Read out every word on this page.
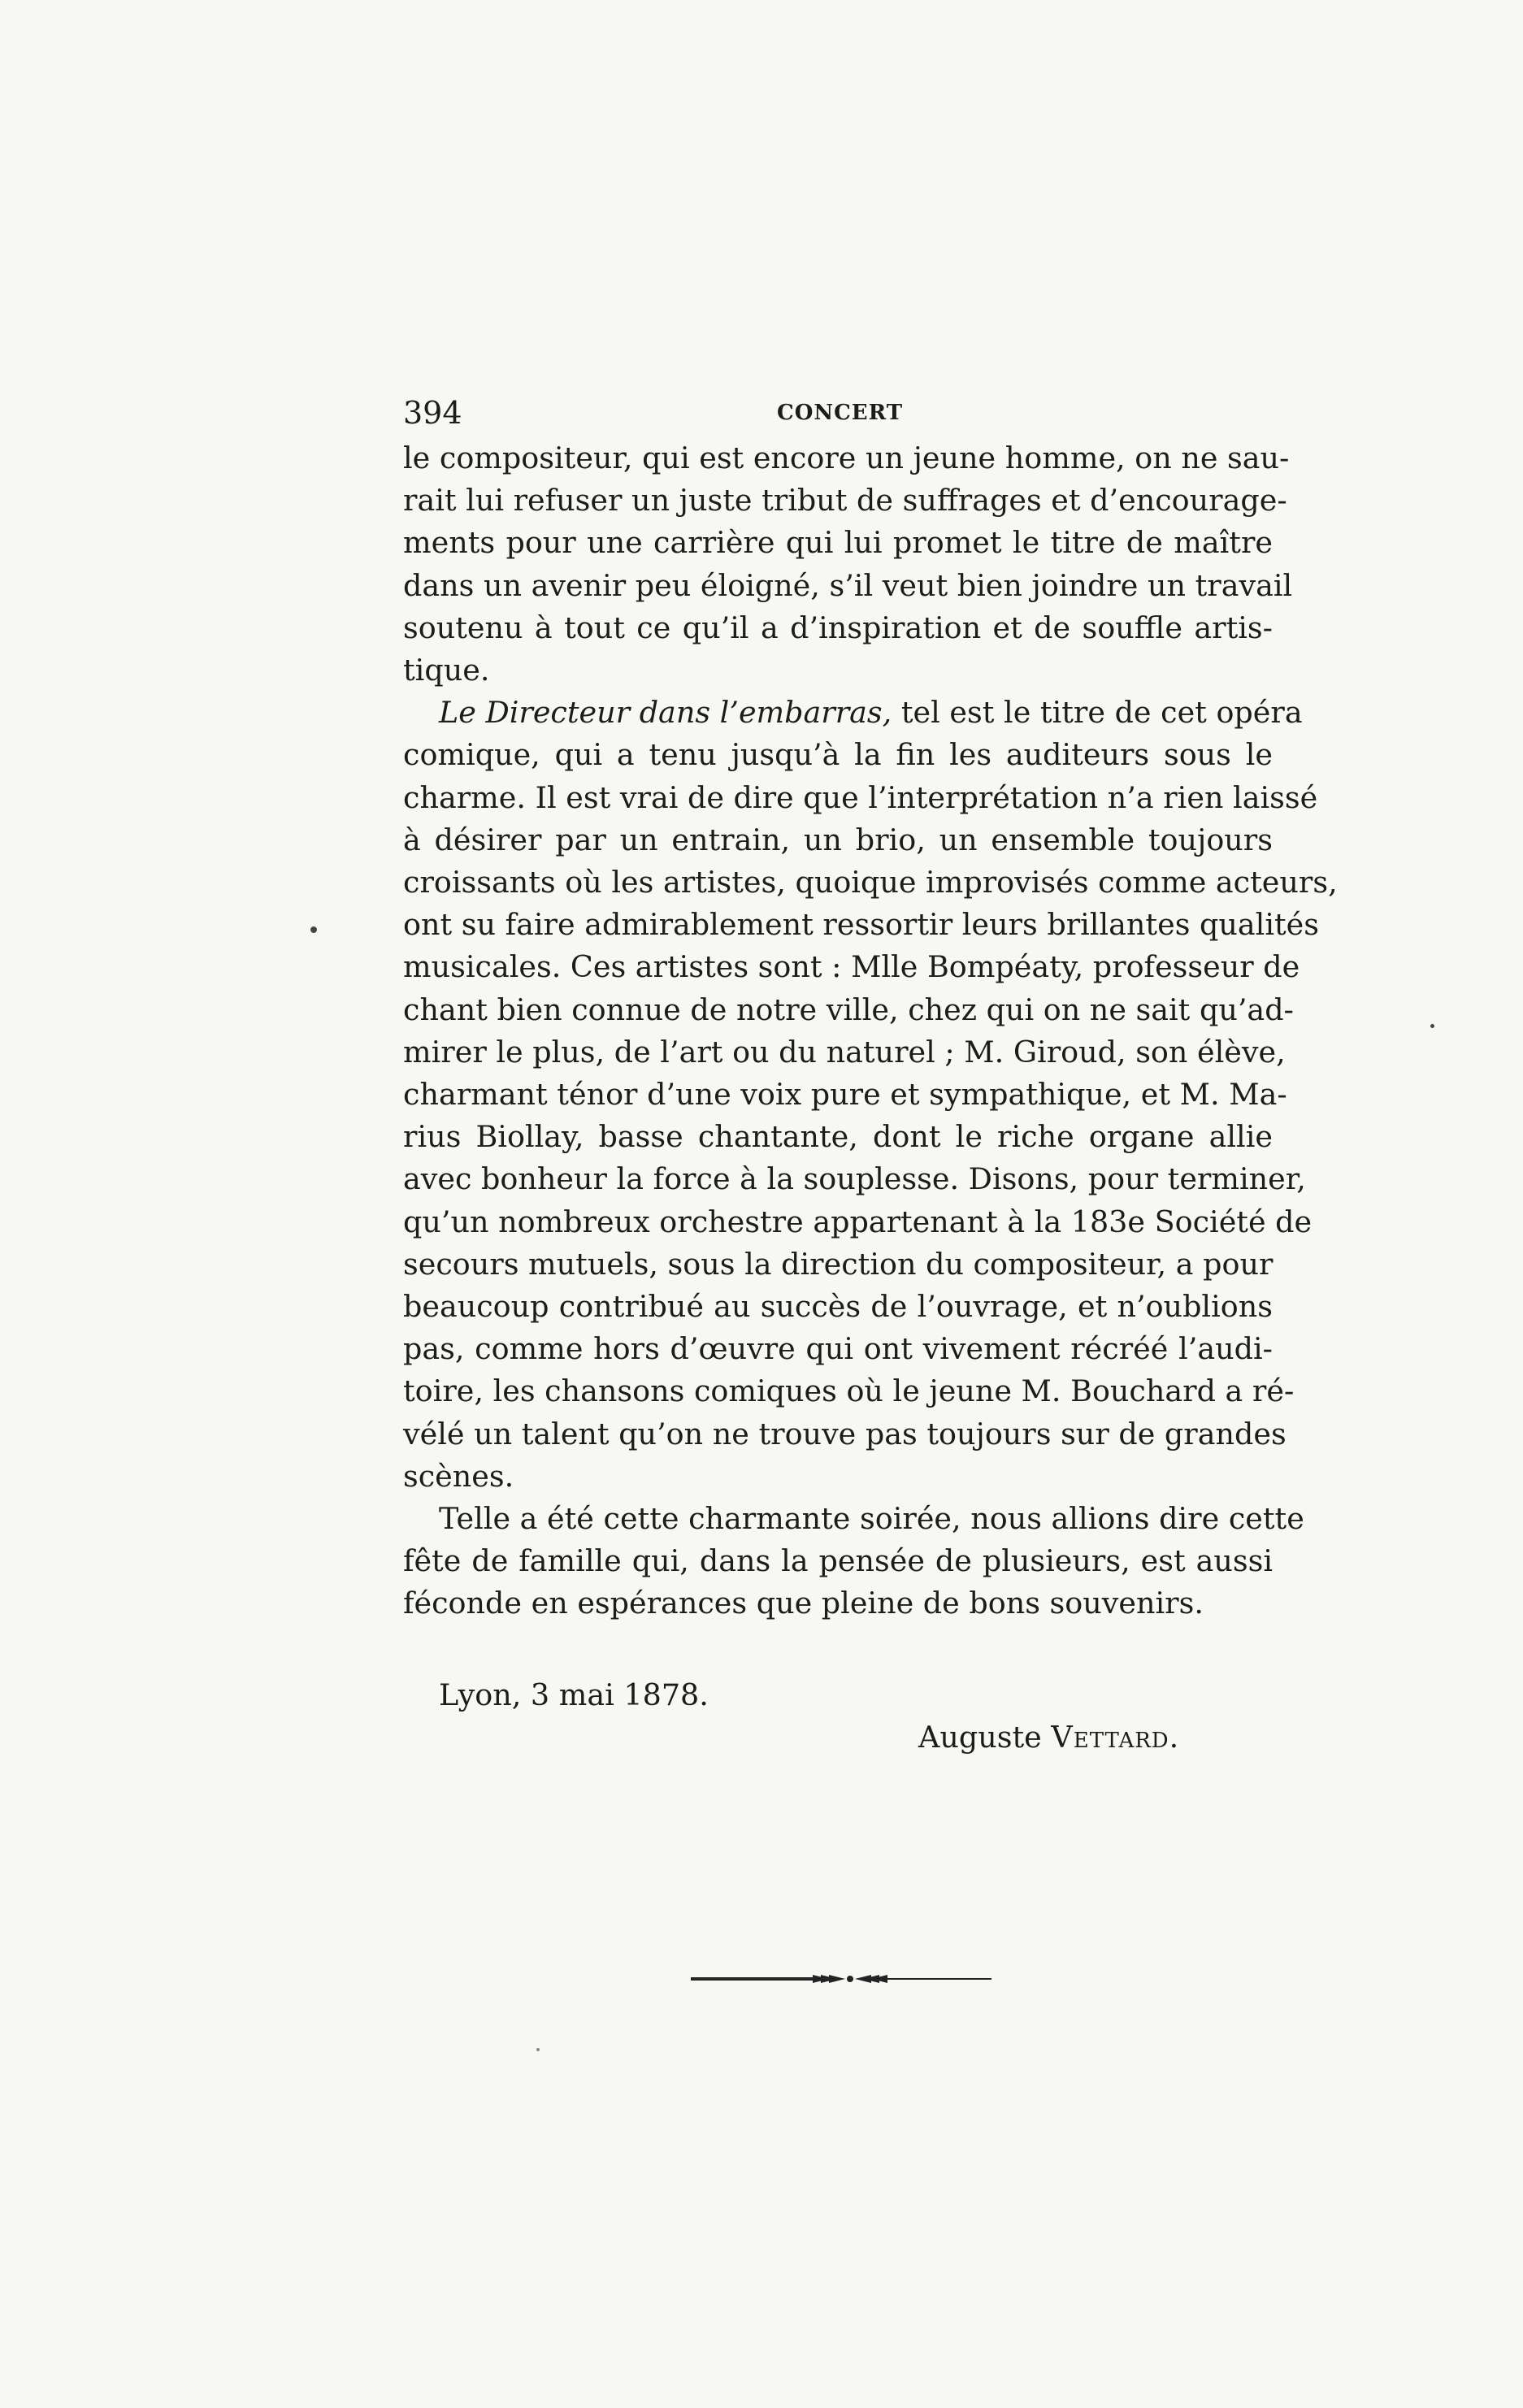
394	CONCERT

le compositeur, qui est encore un jeune homme, on ne sau-
rait lui refuser un juste tribut de suffrages et d’encourage-
ments pour une carrière qui lui promet le titre de maître
dans un avenir peu éloigné, s’il veut bien joindre un travail
soutenu à tout ce qu’il a d’inspiration et de souffle artis-
tique.

Le Directeur dans l’embarras, tel est le titre de cet opéra
comique, qui a tenu jusqu’à la fin les auditeurs sous le
charme. Il est vrai de dire que l’interprétation n’a rien laissé
à désirer par un entrain, un brio, un ensemble toujours
croissants où les artistes, quoique improvisés comme acteurs,
ont su faire admirablement ressortir leurs brillantes qualités
musicales. Ces artistes sont : Mlle Bompéaty, professeur de
chant bien connue de notre ville, chez qui on ne sait qu’ad-
mirer le plus, de l’art ou du naturel ; M. Giroud, son élève,
charmant ténor d’une voix pure et sympathique, et M. Ma-
rius Biollay, basse chantante, dont le riche organe allie
avec bonheur la force à la souplesse. Disons, pour terminer,
qu’un nombreux orchestre appartenant à la 183e Société de
secours mutuels, sous la direction du compositeur, a pour
beaucoup contribué au succès de l’ouvrage, et n’oublions
pas, comme hors d’œuvre qui ont vivement récréé l’audi-
toire, les chansons comiques où le jeune M. Bouchard a ré-
vélé un talent qu’on ne trouve pas toujours sur de grandes
scènes.

Telle a été cette charmante soirée, nous allions dire cette
fête de famille qui, dans la pensée de plusieurs, est aussi
féconde en espérances que pleine de bons souvenirs.

Lyon, 3 mai 1878.
Auguste Vettard.
